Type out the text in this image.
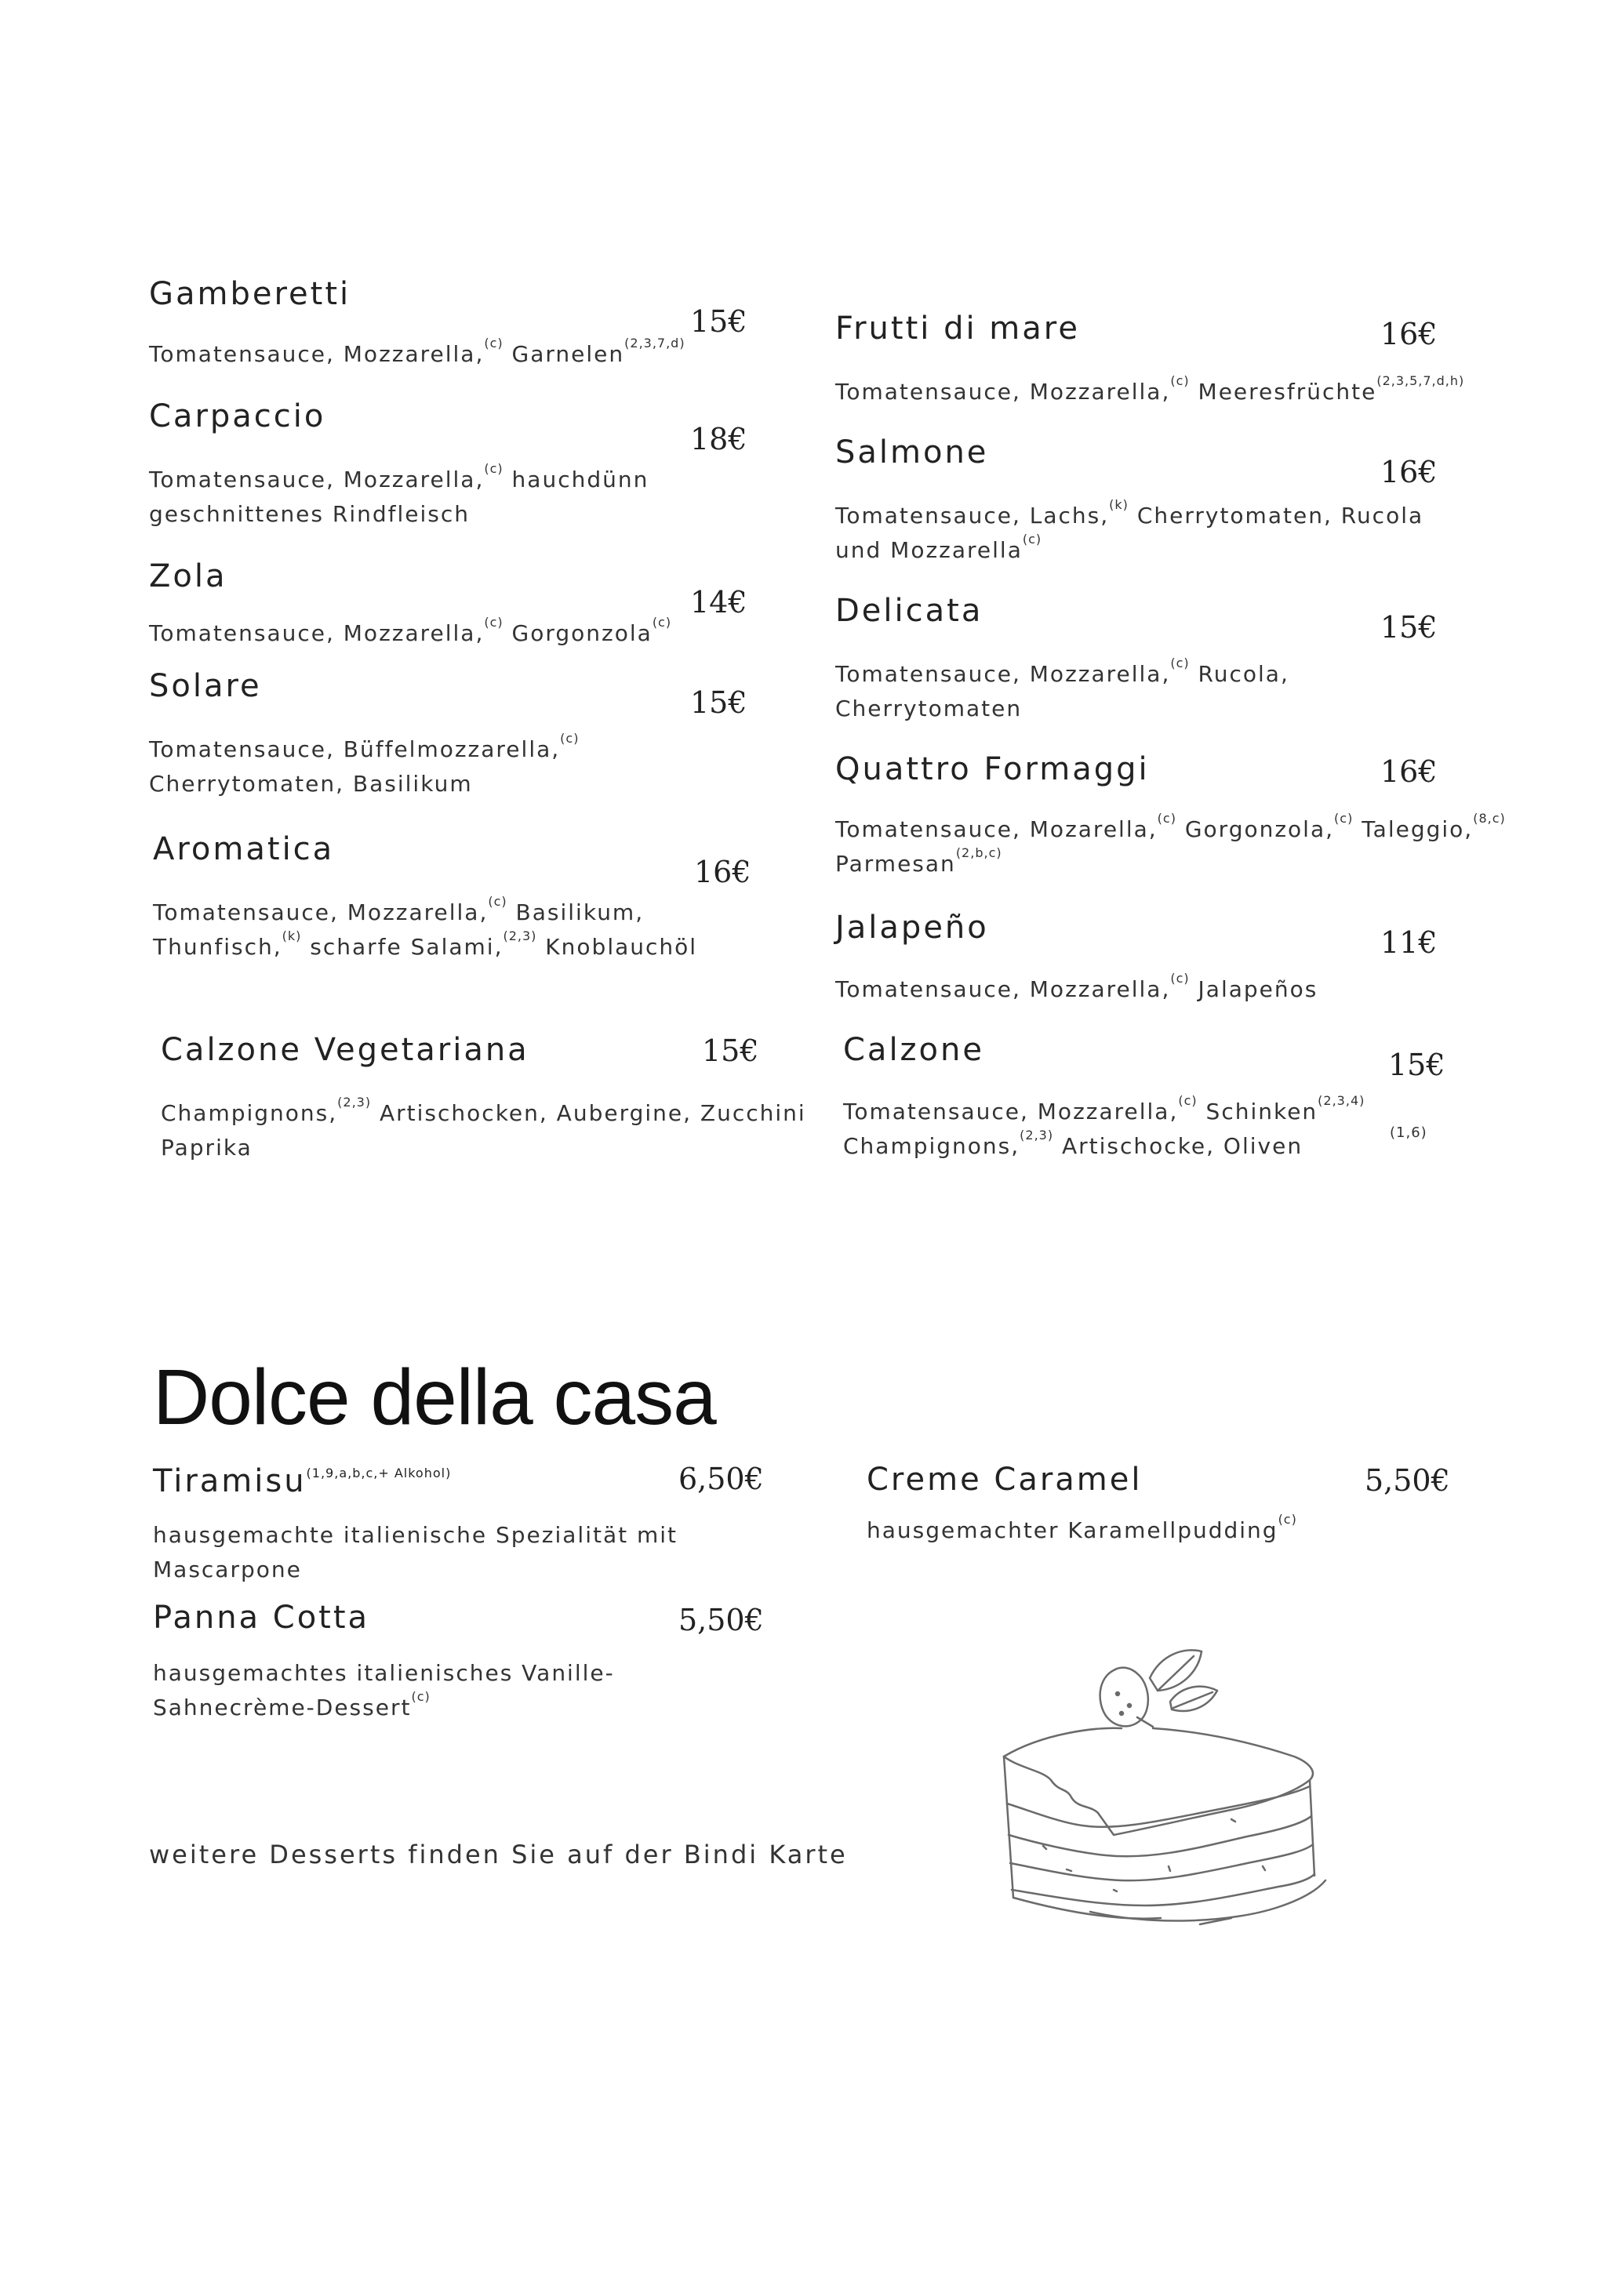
Gamberetti
15€
Tomatensauce, Mozzarella,$^{(c)}$ Garnelen$^{(2,3,7,d)}$
Carpaccio
18€
Tomatensauce, Mozzarella,$^{(c)}$ hauchdünn
geschnittenes Rindfleisch
Zola
14€
Tomatensauce, Mozzarella,$^{(c)}$ Gorgonzola$^{(c)}$
Solare	15€
Tomatensauce, Büffelmozzarella,$^{(c)}$
Cherrytomaten, Basilikum
Aromatica
16€
Tomatensauce, Mozzarella,$^{(c)}$ Basilikum,
Thunfisch,$^{(k)}$ scharfe Salami,$^{(2,3)}$ Knoblauchöl
Calzone Vegetariana	15€
Champignons,$^{(2,3)}$ Artischocken, Aubergine, Zucchini
Paprika
Frutti di mare	16€
Tomatensauce, Mozzarella,$^{(c)}$ Meeresfrüchte$^{(2,3,5,7,d,h)}$
Salmone
16€
Tomatensauce, Lachs,$^{(k)}$ Cherrytomaten, Rucola
und Mozzarella$^{(c)}$
Delicata	15€
Tomatensauce, Mozzarella,$^{(c)}$ Rucola,
Cherrytomaten
Quattro Formaggi	16€
Tomatensauce, Mozarella,$^{(c)}$ Gorgonzola,$^{(c)}$ Taleggio,$^{(8,c)}$
Parmesan$^{(2,b,c)}$
Jalapeño	11€
Tomatensauce, Mozzarella,$^{(c)}$ Jalapeños
Calzone	15€
Tomatensauce, Mozzarella,$^{(c)}$ Schinken$^{(2,3,4)}$
Champignons,$^{(2,3)}$ Artischocke, Oliven
(1,6)
Dolce della casa
Tiramisu$^{(1,9,a,b,c,+ Alkohol)}$	6,50€
hausgemachte italienische Spezialität mit
Mascarpone
Panna Cotta	5,50€
hausgemachtes italienisches Vanille-
Sahnecrème-Dessert$^{(c)}$
Creme Caramel	5,50€
hausgemachter Karamellpudding$^{(c)}$
weitere Desserts finden Sie auf der Bindi Karte
